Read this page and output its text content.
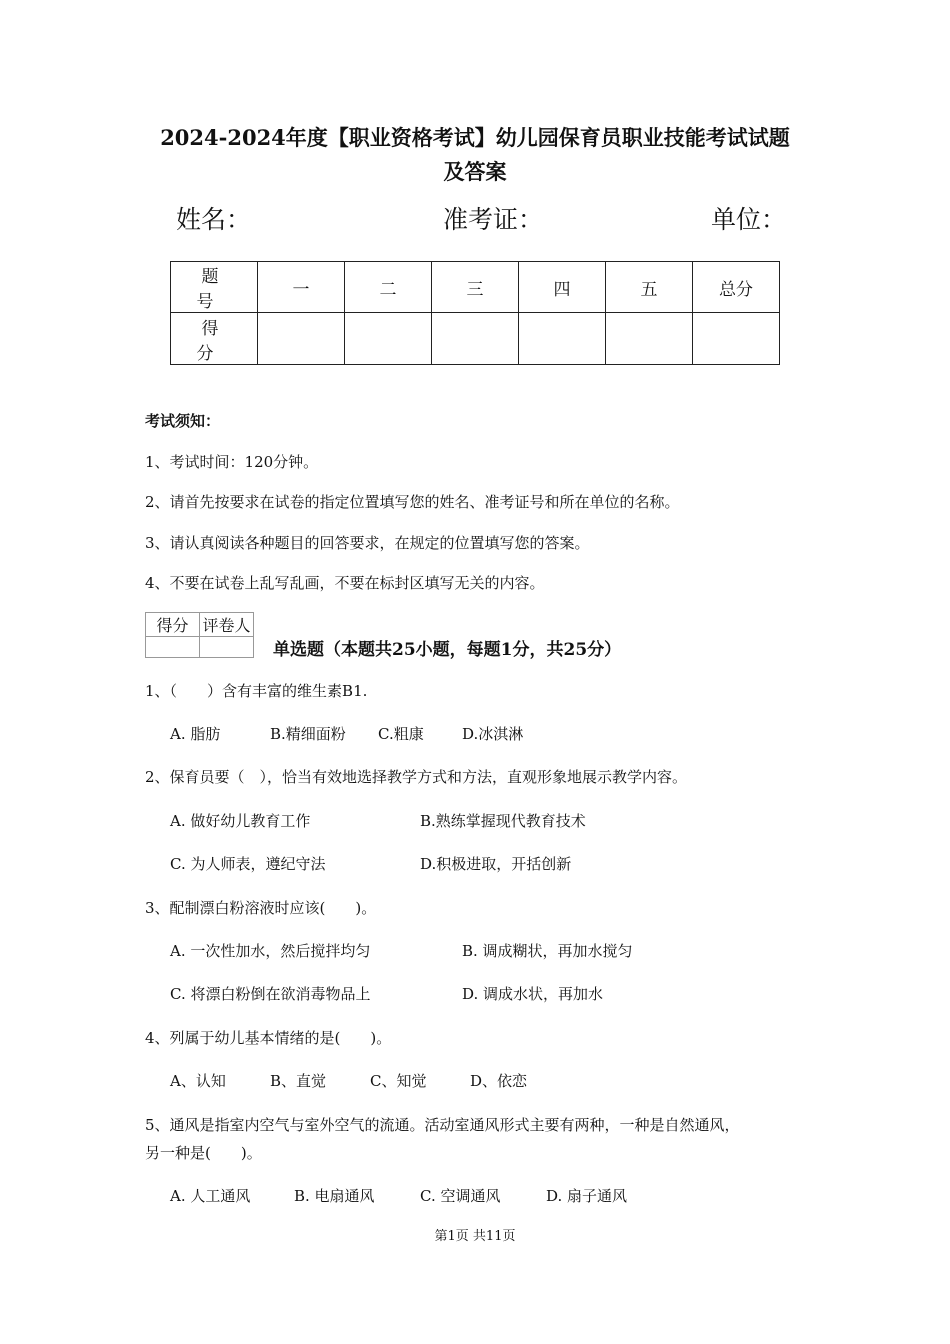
2024-2024年度【职业资格考试】幼儿园保育员职业技能考试试题
及答案
姓名：	准考证：	单位：
题 号	一	二	三	四	五	总分
得 分						
考试须知：
1、考试时间：120分钟。
2、请首先按要求在试卷的指定位置填写您的姓名、准考证号和所在单位的名称。
3、请认真阅读各种题目的回答要求，在规定的位置填写您的答案。
4、不要在试卷上乱写乱画，不要在标封区填写无关的内容。
得分	评卷人

单选题（本题共25小题，每题1分，共25分）
1、（　　）含有丰富的维生素B1.
A. 脂肪	B.精细面粉 C.粗康	D.冰淇淋
2、保育员要（　），恰当有效地选择教学方式和方法，直观形象地展示教学内容。
A. 做好幼儿教育工作	B.熟练掌握现代教育技术
C. 为人师表，遵纪守法	D.积极进取，开括创新
3、配制漂白粉溶液时应该(　　)。
A. 一次性加水，然后搅拌均匀	B. 调成糊状，再加水搅匀
C. 将漂白粉倒在欲消毒物品上	D. 调成水状，再加水
4、列属于幼儿基本情绪的是(　　)。
A、认知	B、直觉	C、知觉	D、依恋
5、通风是指室内空气与室外空气的流通。活动室通风形式主要有两种，一种是自然通风，
另一种是(　　)。
A. 人工通风	B. 电扇通风	C. 空调通风	D. 扇子通风
第1页 共11页
